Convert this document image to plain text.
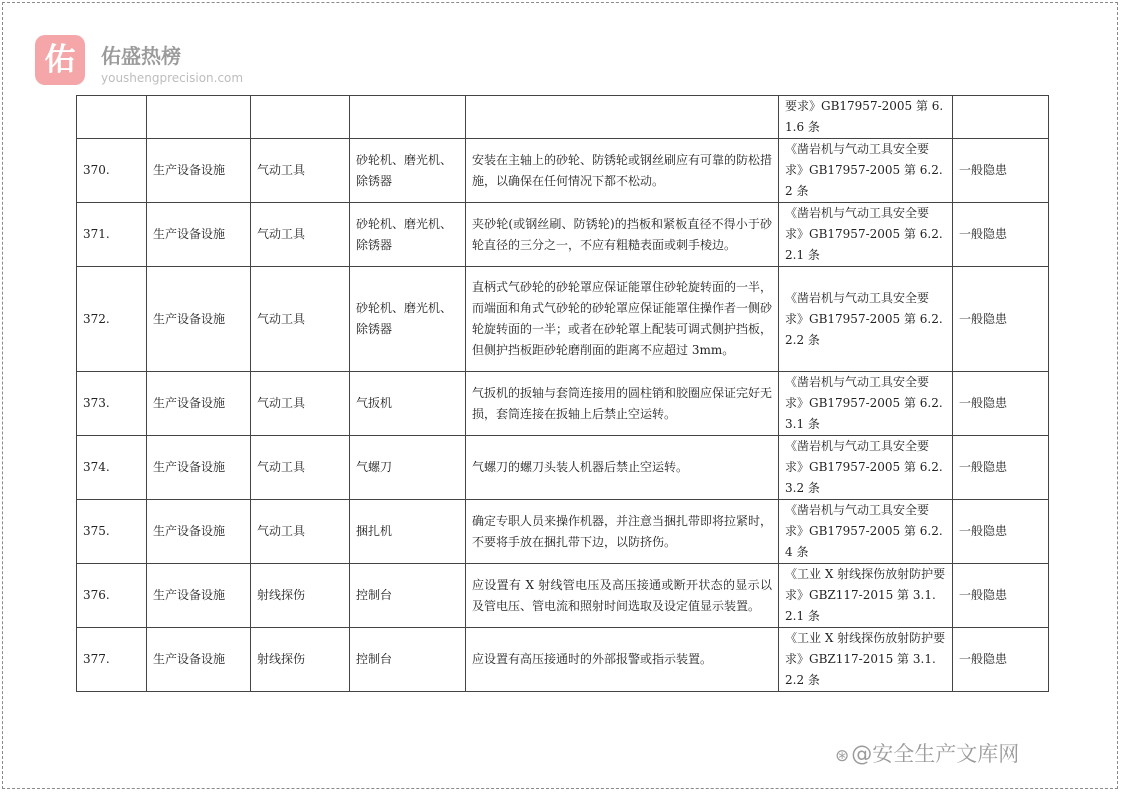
佑	佑盛热榜
youshengprecision.com
					要求》GB17957-2005 第 6.1.6 条	
370.	生产设备设施	气动工具	砂轮机、磨光机、除锈器	安装在主轴上的砂轮、防锈轮或钢丝刷应有可靠的防松措施，以确保在任何情况下都不松动。	《凿岩机与气动工具安全要求》GB17957-2005 第 6.2.2 条	一般隐患
371.	生产设备设施	气动工具	砂轮机、磨光机、除锈器	夹砂轮(或钢丝刷、防锈轮)的挡板和紧板直径不得小于砂轮直径的三分之一，不应有粗糙表面或刺手棱边。	《凿岩机与气动工具安全要求》GB17957-2005 第 6.2.2.1 条	一般隐患
372.	生产设备设施	气动工具	砂轮机、磨光机、除锈器	直柄式气砂轮的砂轮罩应保证能罩住砂轮旋转面的一半，而端面和角式气砂轮的砂轮罩应保证能罩住操作者一侧砂轮旋转面的一半；或者在砂轮罩上配装可调式侧护挡板，但侧护挡板距砂轮磨削面的距离不应超过 3mm。	《凿岩机与气动工具安全要求》GB17957-2005 第 6.2.2.2 条	一般隐患
373.	生产设备设施	气动工具	气扳机	气扳机的扳轴与套筒连接用的圆柱销和胶圈应保证完好无损，套筒连接在扳轴上后禁止空运转。	《凿岩机与气动工具安全要求》GB17957-2005 第 6.2.3.1 条	一般隐患
374.	生产设备设施	气动工具	气螺刀	气螺刀的螺刀头装人机器后禁止空运转。	《凿岩机与气动工具安全要求》GB17957-2005 第 6.2.3.2 条	一般隐患
375.	生产设备设施	气动工具	捆扎机	确定专职人员来操作机器，并注意当捆扎带即将拉紧时，不要将手放在捆扎带下边，以防挤伤。	《凿岩机与气动工具安全要求》GB17957-2005 第 6.2.4 条	一般隐患
376.	生产设备设施	射线探伤	控制台	应设置有 X 射线管电压及高压接通或断开状态的显示以及管电压、管电流和照射时间选取及设定值显示装置。	《工业 X 射线探伤放射防护要求》GBZ117-2015 第 3.1.2.1 条	一般隐患
377.	生产设备设施	射线探伤	控制台	应设置有高压接通时的外部报警或指示装置。	《工业 X 射线探伤放射防护要求》GBZ117-2015 第 3.1.2.2 条	一般隐患
⊛@安全生产文库网
